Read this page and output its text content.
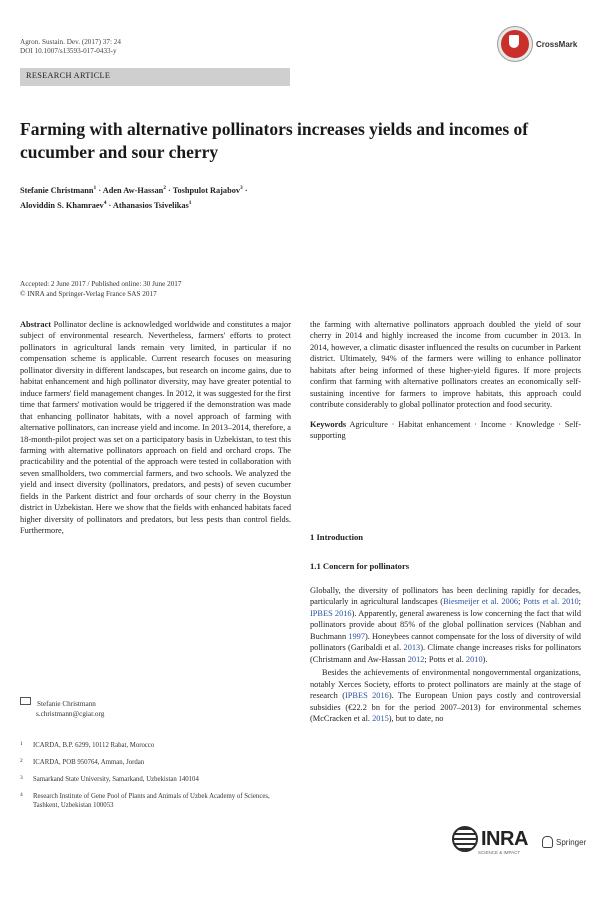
Agron. Sustain. Dev. (2017) 37: 24
DOI 10.1007/s13593-017-0433-y
CrossMark
RESEARCH ARTICLE
Farming with alternative pollinators increases yields and incomes of cucumber and sour cherry
Stefanie Christmann$^1$ · Aden Aw-Hassan$^2$ · Toshpulot Rajabov$^3$ ·
Aloviddin S. Khamraev$^4$ · Athanasios Tsivelikas$^1$
Accepted: 2 June 2017 / Published online: 30 June 2017
© INRA and Springer-Verlag France SAS 2017

Abstract Pollinator decline is acknowledged worldwide and constitutes a major subject of environmental research. Nevertheless, farmers' efforts to protect pollinators in agricultural lands remain very limited, in particular if no compensation scheme is applicable. Current research focuses on measuring pollinator diversity in different landscapes, but research on income gains, due to habitat enhancement and high pollinator diversity, may have greater potential to induce farmers' field management changes. In 2012, it was suggested for the first time that farmers' motivation would be triggered if the demonstration was made that enhancing pollinator habitats, with a novel approach of farming with alternative pollinators, can increase yield and income. In 2013–2014, therefore, a 18-month-pilot project was set on a participatory basis in Uzbekistan, to test this farming with alternative pollinators approach on field and orchard crops. The practicability and the potential of the approach were tested in collaboration with seven smallholders, two commercial farmers, and two schools. We analyzed the yield and insect diversity (pollinators, predators, and pests) of seven cucumber fields in the Parkent district and four orchards of sour cherry in the Boystun district in Uzbekistan. Here we show that the fields with enhanced habitats faced higher diversity of pollinators and predators, but less pests than control fields. Furthermore,

the farming with alternative pollinators approach doubled the yield of sour cherry in 2014 and highly increased the income from cucumber in 2013. In 2014, however, a climatic disaster influenced the results on cucumber in Parkent district. Ultimately, 94% of the farmers were willing to enhance pollinator habitats after being informed of these higher-yield figures. If more projects confirm that farming with alternative pollinators creates an economically self-sustaining incentive for farmers to improve habitats, this approach could contribute considerably to global pollinator protection and food security.

Keywords Agriculture · Habitat enhancement · Income · Knowledge · Self-supporting

1 Introduction
1.1 Concern for pollinators

Globally, the diversity of pollinators has been declining rapidly for decades, particularly in agricultural landscapes (Biesmeijer et al. 2006; Potts et al. 2010; IPBES 2016). Apparently, general awareness is low concerning the fact that wild pollinators provide about 85% of the global pollination services (Nabhan and Buchmann 1997). Honeybees cannot compensate for the loss of diversity of wild pollinators (Garibaldi et al. 2013). Climate change increases risks for pollinators (Christmann and Aw-Hassan 2012; Potts et al. 2010).

Besides the achievements of environmental nongovernmental organizations, notably Xerces Society, efforts to protect pollinators are mainly at the stage of research (IPBES 2016). The European Union pays costly and controversial subsidies (€22.2 bn for the period 2007–2013) for environmental schemes (McCracken et al. 2015), but to date, no

Stefanie Christmann
s.christmann@cgiar.org
1	ICARDA, B.P. 6299, 10112 Rabat, Morocco
2	ICARDA, POB 950764, Amman, Jordan
3	Samarkand State University, Samarkand, Uzbekistan 140104
4	Research Institute of Gene Pool of Plants and Animals of Uzbek Academy of Sciences, Tashkent, Uzbekistan 100053
INRA
SCIENCE & IMPACT
Springer
